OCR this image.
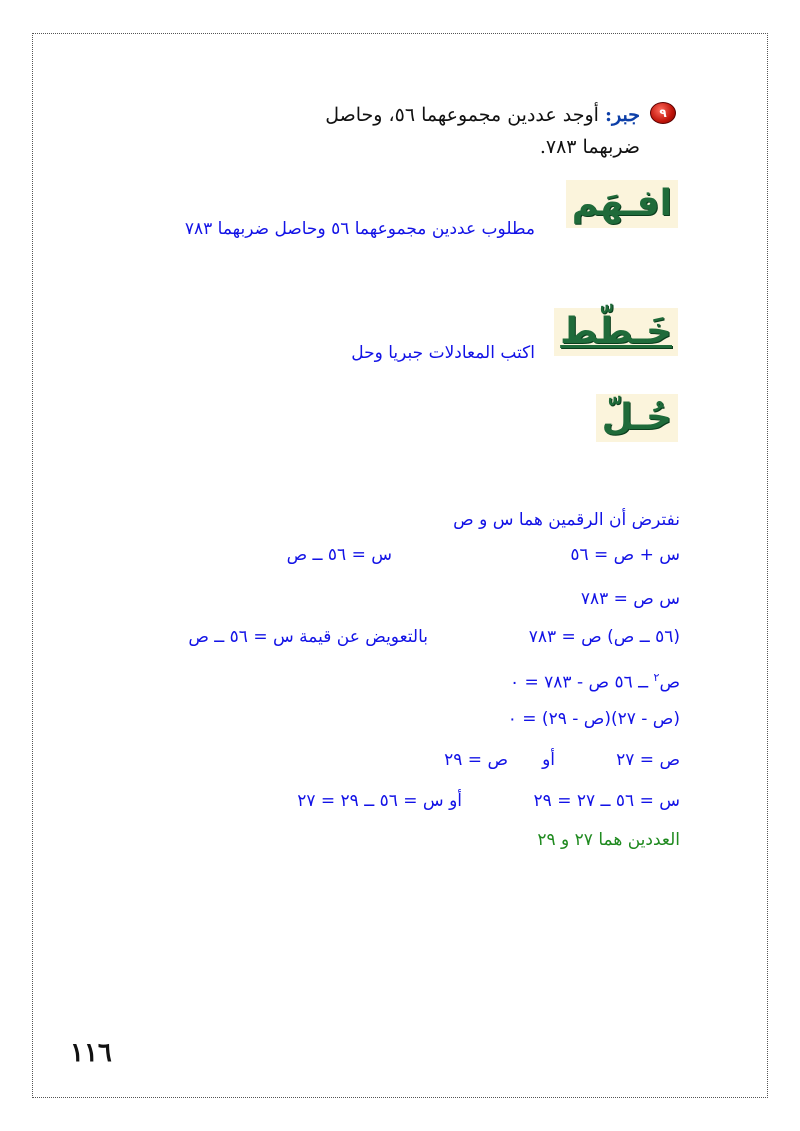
٩
جبر: أوجد عددين مجموعهما ٥٦، وحاصل
ضربهما ٧٨٣.
افـهَم
مطلوب عددين مجموعهما ٥٦ وحاصل ضربهما ٧٨٣
خَـطّط
اكتب المعادلات جبريا وحل
حُـلّ
نفترض أن الرقمين هما س و ص
س + ص = ٥٦
س = ٥٦ ــ ص
س ص = ٧٨٣
(٥٦ ــ ص) ص = ٧٨٣
بالتعويض عن قيمة س = ٥٦ ــ ص
ص$^٢$ ــ ٥٦ ص - ٧٨٣ = ٠
(ص - ٢٧)(ص - ٢٩) = ٠
ص = ٢٧
أو
ص = ٢٩
س = ٥٦ ــ ٢٧ = ٢٩
أو س = ٥٦ ــ ٢٩ = ٢٧
العددين هما ٢٧ و ٢٩
١١٦
